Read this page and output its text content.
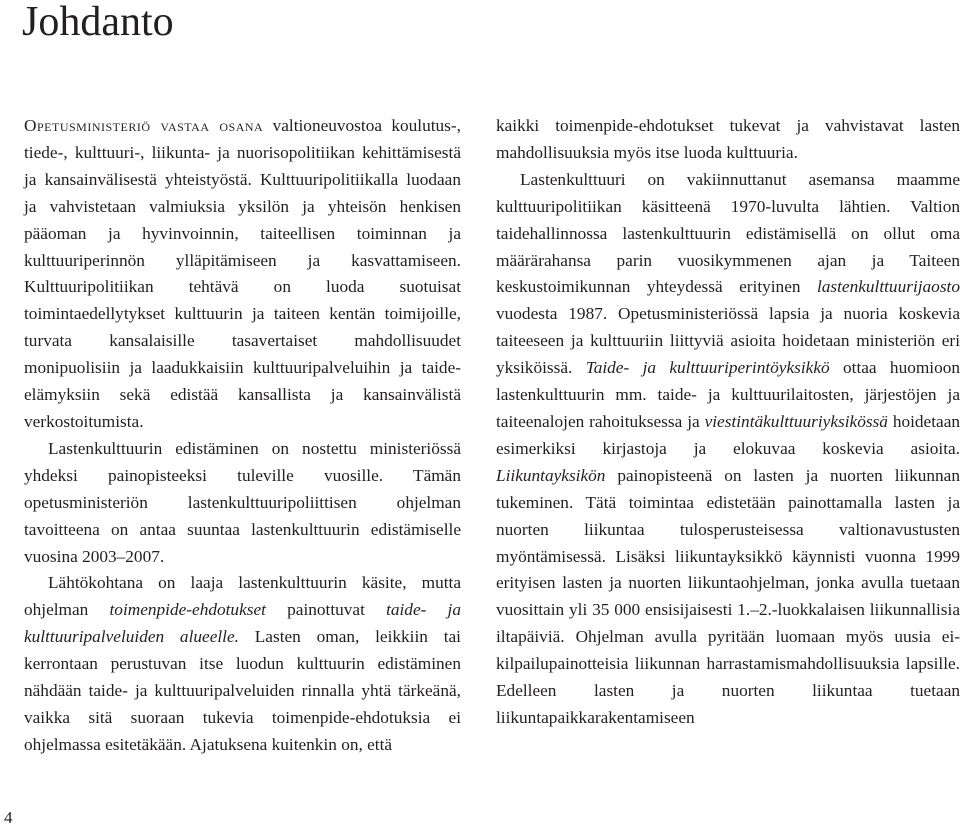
Johdanto

Opetusministeriö vastaa osana valtioneuvostoa koulutus-, tiede-, kulttuuri-, liikunta- ja nuorisopolitiikan kehittämisestä ja kansainvälisestä yhteistyöstä. Kulttuuripolitiikalla luodaan ja vahvistetaan valmiuksia yksilön ja yhteisön henkisen pääoman ja hyvinvoinnin, taiteellisen toiminnan ja kulttuuriperinnön ylläpitämiseen ja kasvattamiseen. Kulttuuripolitiikan tehtävä on luoda suotuisat toimintaedellytykset kulttuurin ja taiteen kentän toimijoille, turvata kansalaisille tasavertaiset mahdollisuudet monipuolisiin ja laadukkaisiin kulttuuripalveluihin ja taide-elämyksiin sekä edistää kansallista ja kansainvälistä verkostoitumista.

Lastenkulttuurin edistäminen on nostettu ministeriössä yhdeksi painopisteeksi tuleville vuosille. Tämän opetusministeriön lastenkulttuuripoliittisen ohjelman tavoitteena on antaa suuntaa lastenkulttuurin edistämiselle vuosina 2003–2007.

Lähtökohtana on laaja lastenkulttuurin käsite, mutta ohjelman toimenpide-ehdotukset painottuvat taide- ja kulttuuripalveluiden alueelle. Lasten oman, leikkiin tai kerrontaan perustuvan itse luodun kulttuurin edistäminen nähdään taide- ja kulttuuripalveluiden rinnalla yhtä tärkeänä, vaikka sitä suoraan tukevia toimenpide-ehdotuksia ei ohjelmassa esitetäkään. Ajatuksena kuitenkin on, että

kaikki toimenpide-ehdotukset tukevat ja vahvistavat lasten mahdollisuuksia myös itse luoda kulttuuria.

Lastenkulttuuri on vakiinnuttanut asemansa maamme kulttuuripolitiikan käsitteenä 1970-luvulta lähtien. Valtion taidehallinnossa lastenkulttuurin edistämisellä on ollut oma määrärahansa parin vuosikymmenen ajan ja Taiteen keskustoimikunnan yhteydessä erityinen lastenkulttuurijaosto vuodesta 1987. Opetusministeriössä lapsia ja nuoria koskevia taiteeseen ja kulttuuriin liittyviä asioita hoidetaan ministeriön eri yksiköissä. Taide- ja kulttuuriperintöyksikkö ottaa huomioon lastenkulttuurin mm. taide- ja kulttuurilaitosten, järjestöjen ja taiteenalojen rahoituksessa ja viestintäkulttuuriyksikössä hoidetaan esimerkiksi kirjastoja ja elokuvaa koskevia asioita. Liikuntayksikön painopisteenä on lasten ja nuorten liikunnan tukeminen. Tätä toimintaa edistetään painottamalla lasten ja nuorten liikuntaa tulosperusteisessa valtionavustusten myöntämisessä. Lisäksi liikuntayksikkö käynnisti vuonna 1999 erityisen lasten ja nuorten liikuntaohjelman, jonka avulla tuetaan vuosittain yli 35 000 ensisijaisesti 1.–2.-luokkalaisen liikunnallisia iltapäiviä. Ohjelman avulla pyritään luomaan myös uusia ei-kilpailupainotteisia liikunnan harrastamismahdollisuuksia lapsille. Edelleen lasten ja nuorten liikuntaa tuetaan liikuntapaikkarakentamiseen

4
